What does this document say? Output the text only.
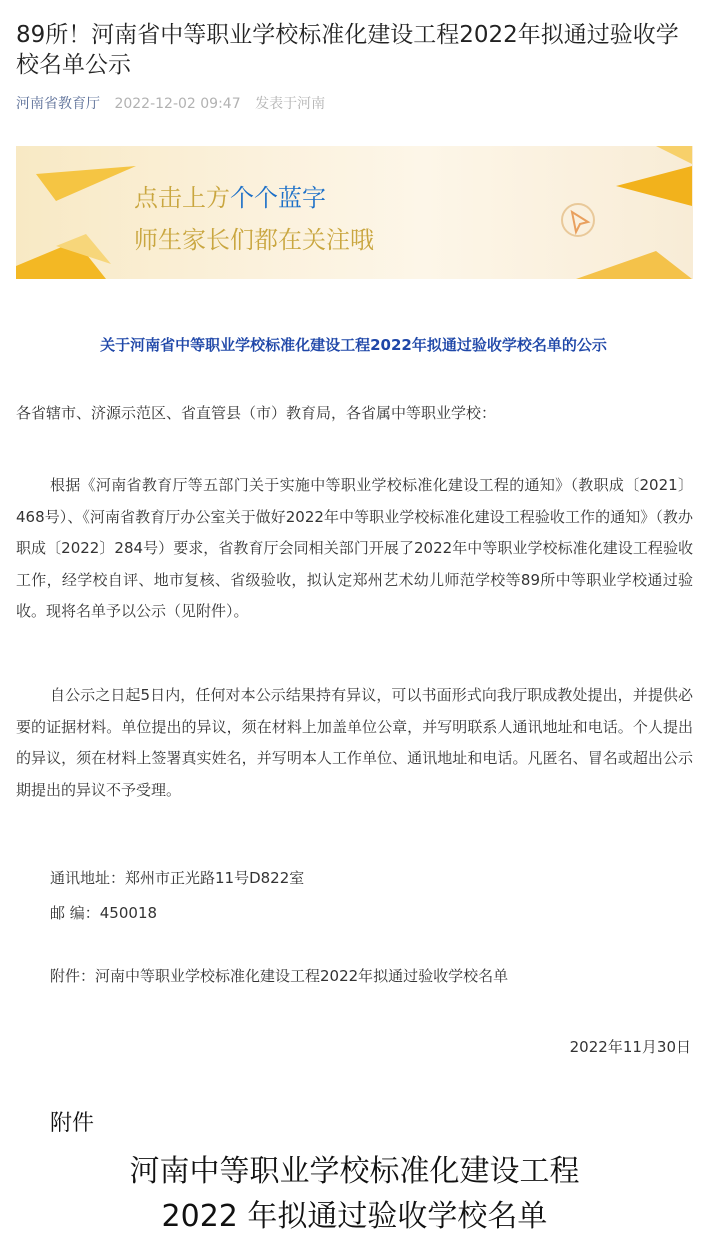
89所！河南省中等职业学校标准化建设工程2022年拟通过验收学校名单公示
河南省教育厅 2022-12-02 09:47 发表于河南
点击上方个个蓝字
师生家长们都在关注哦
关于河南省中等职业学校标准化建设工程2022年拟通过验收学校名单的公示

各省辖市、济源示范区、省直管县（市）教育局，各省属中等职业学校：

根据《河南省教育厅等五部门关于实施中等职业学校标准化建设工程的通知》（教职成〔2021〕468号）、《河南省教育厅办公室关于做好2022年中等职业学校标准化建设工程验收工作的通知》（教办职成〔2022〕284号）要求，省教育厅会同相关部门开展了2022年中等职业学校标准化建设工程验收工作，经学校自评、地市复核、省级验收，拟认定郑州艺术幼儿师范学校等89所中等职业学校通过验收。现将名单予以公示（见附件）。

自公示之日起5日内，任何对本公示结果持有异议，可以书面形式向我厅职成教处提出，并提供必要的证据材料。单位提出的异议，须在材料上加盖单位公章，并写明联系人通讯地址和电话。个人提出的异议，须在材料上签署真实姓名，并写明本人工作单位、通讯地址和电话。凡匿名、冒名或超出公示期提出的异议不予受理。

通讯地址：郑州市正光路11号D822室
邮 编：450018
附件：河南中等职业学校标准化建设工程2022年拟通过验收学校名单
2022年11月30日
附件
河南中等职业学校标准化建设工程
2022 年拟通过验收学校名单
